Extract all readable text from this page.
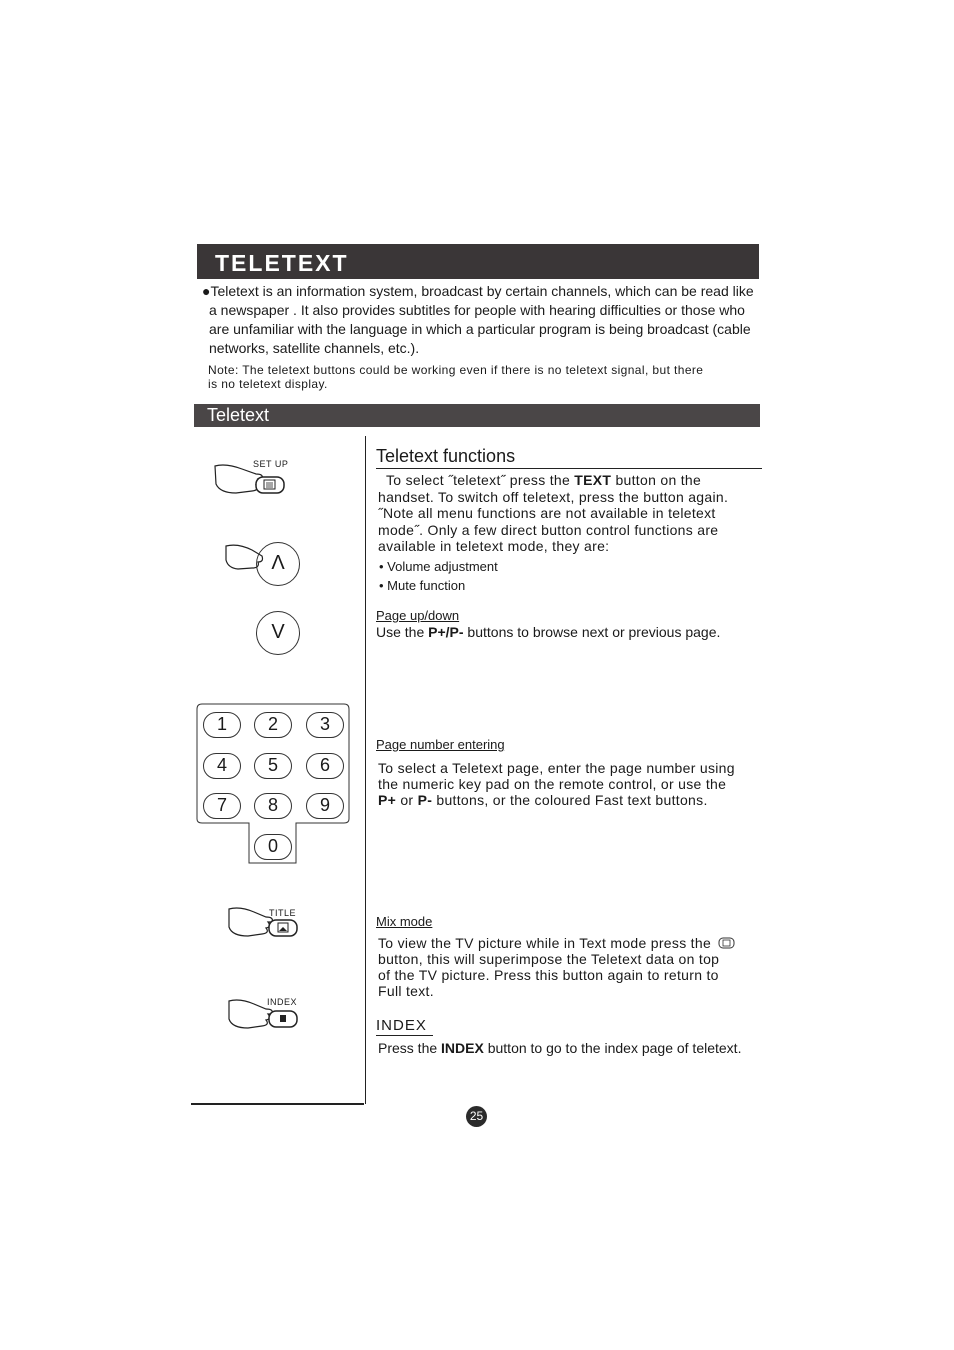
TELETEXT
●Teletext is an information system, broadcast by certain channels, which can be read like
a newspaper . It also provides subtitles for people with hearing difficulties or those who
are unfamiliar with the language in which a particular program is being broadcast (cable
networks, satellite channels, etc.).
Note: The teletext buttons could be working even if there is no teletext signal, but there
is no teletext display.
Teletext
SET UP
Λ
V
1	2	3
4	5	6
7	8	9
0
TITLE
INDEX
Teletext functions
To select ˝teletext˝ press the TEXT button on the
handset. To switch off teletext, press the button again.
˝Note all menu functions are not available in teletext
mode˝. Only a few direct button control functions are
available in teletext mode, they are:
• Volume adjustment
• Mute function
Page up/down
Use the P+/P- buttons to browse next or previous page.
Page number entering
To select a Teletext page, enter the page number using
the numeric key pad on the remote control, or use the
P+ or P- buttons, or the coloured Fast text buttons.
Mix mode
To view the TV picture while in Text mode press the
button, this will superimpose the Teletext data on top
of the TV picture. Press this button again to return to
Full text.
INDEX
Press the INDEX button to go to the index page of teletext.
25
